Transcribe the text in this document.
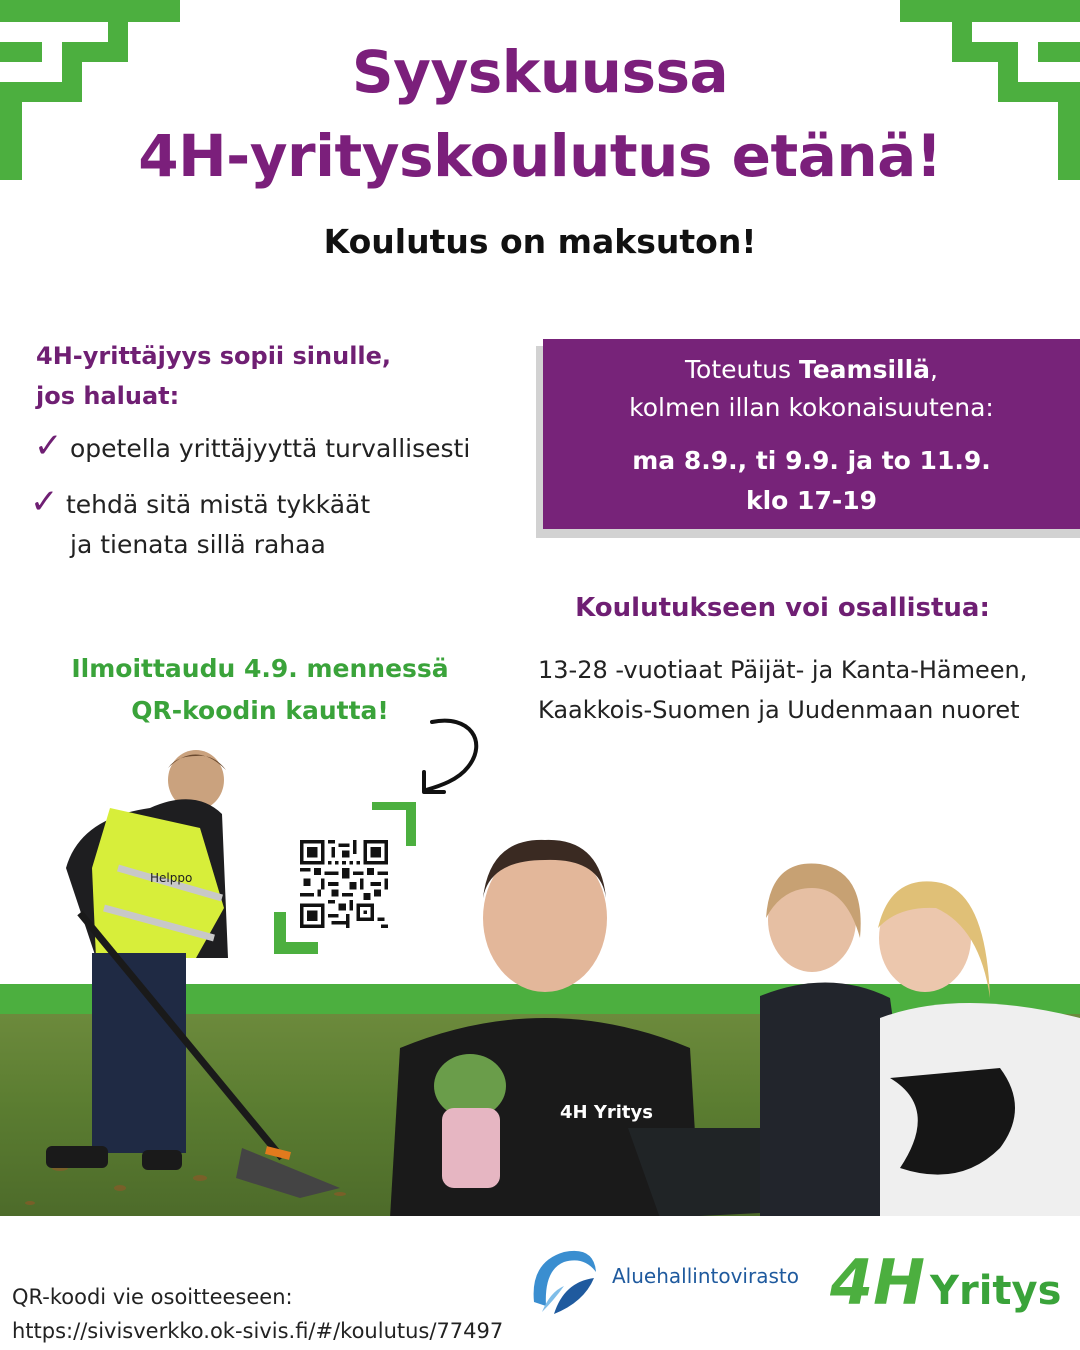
Syyskuussa
4H-yrityskoulutus etänä!
Koulutus on maksuton!
4H-yrittäjyys sopii sinulle,
jos haluat:
✓ opetella yrittäjyyttä turvallisesti
✓ tehdä sitä mistä tykkäät
ja tienata sillä rahaa
Toteutus Teamsillä,
kolmen illan kokonaisuutena:
ma 8.9., ti 9.9. ja to 11.9.
klo 17-19
Koulutukseen voi osallistua:
13-28 -vuotiaat Päijät- ja Kanta-Hämeen,
Kaakkois-Suomen ja Uudenmaan nuoret
Ilmoittaudu 4.9. mennessä
QR-koodin kautta!
Helppo
4H Yritys
QR-koodi vie osoitteeseen:
https://sivisverkko.ok-sivis.fi/#/koulutus/77497
Aluehallintovirasto 4H Yritys
